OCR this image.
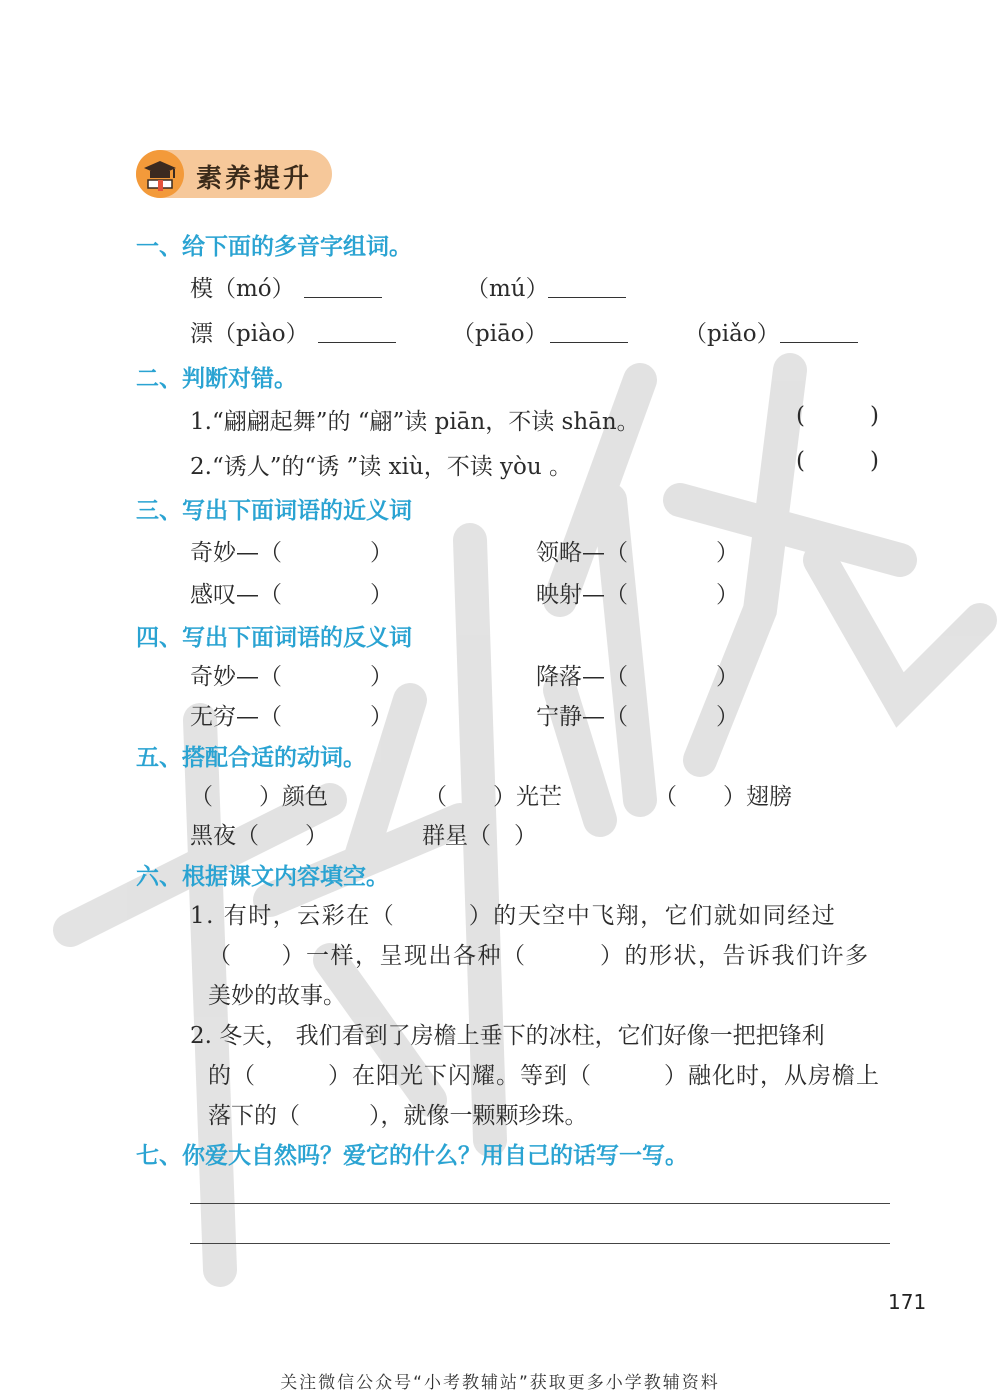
素养提升
一、给下面的多音字组词。
模（mó）	（mú）
漂（piào）	（piāo）	（piǎo）
二、判断对错。
1.“翩翩起舞”的 “翩”读 piān，不读 shān。	(	)
2.“诱人”的“诱 ”读 xiù，不读 yòu 。	(	)
三、写出下面词语的近义词
奇妙—（	）	领略—（	）
感叹—（	）	映射—（	）
四、写出下面词语的反义词
奇妙—（	）	降落—（	）
无穷—（	）	宁静—（	）
五、搭配合适的动词。
（　　）颜色	（　　）光芒	（　　）翅膀
黑夜（　　）	群星（　）
六、根据课文内容填空。
1. 有时，云彩在（　　　）的天空中飞翔，它们就如同经过
（　　）一样，呈现出各种（　　　）的形状，告诉我们许多
美妙的故事。
2. 冬天， 我们看到了房檐上垂下的冰柱，它们好像一把把锋利
的（　　　）在阳光下闪耀。等到（　　　）融化时，从房檐上
落下的（　　　），就像一颗颗珍珠。
七、你爱大自然吗？爱它的什么？用自己的话写一写。
171
关注微信公众号“小考教辅站”获取更多小学教辅资料
